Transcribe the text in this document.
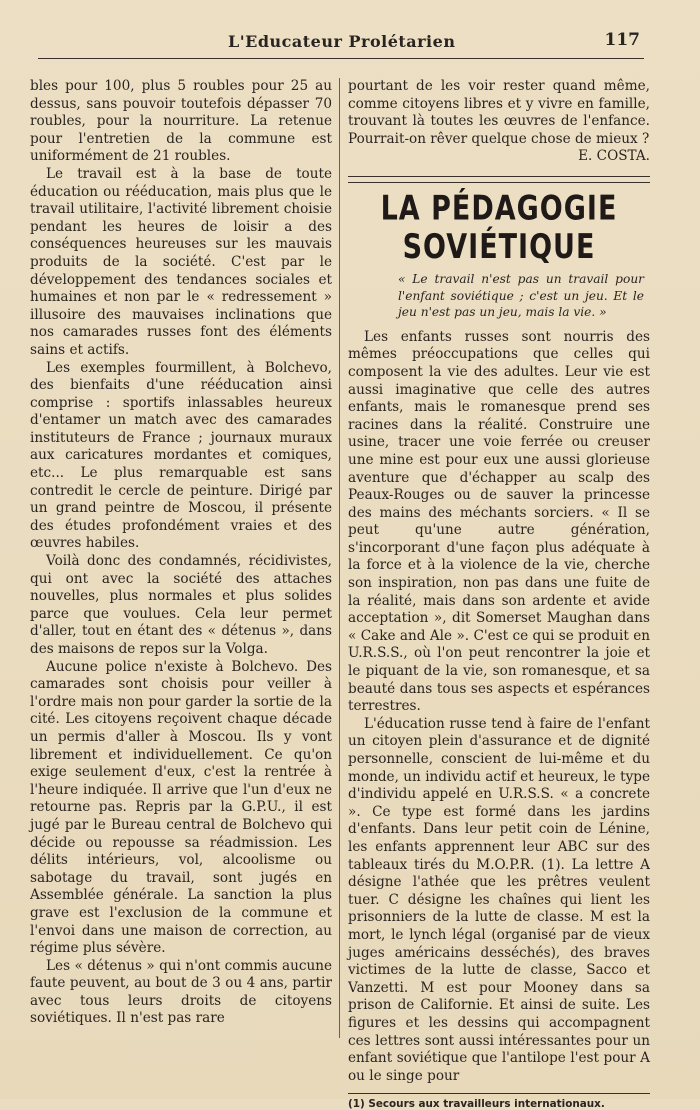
L'Educateur Prolétarien	117

bles pour 100, plus 5 roubles pour 25 au dessus, sans pouvoir toutefois dépasser 70 roubles, pour la nourriture. La retenue pour l'entretien de la commune est uniformément de 21 roubles.

Le travail est à la base de toute éducation ou rééducation, mais plus que le travail utilitaire, l'activité librement choisie pendant les heures de loisir a des conséquences heureuses sur les mauvais produits de la société. C'est par le développement des tendances sociales et humaines et non par le « redressement » illusoire des mauvaises inclinations que nos camarades russes font des éléments sains et actifs.

Les exemples fourmillent, à Bolchevo, des bienfaits d'une rééducation ainsi comprise : sportifs inlassables heureux d'entamer un match avec des camarades instituteurs de France ; journaux muraux aux caricatures mordantes et comiques, etc... Le plus remarquable est sans contredit le cercle de peinture. Dirigé par un grand peintre de Moscou, il présente des études profondément vraies et des œuvres habiles.

Voilà donc des condamnés, récidivistes, qui ont avec la société des attaches nouvelles, plus normales et plus solides parce que voulues. Cela leur permet d'aller, tout en étant des « détenus », dans des maisons de repos sur la Volga.

Aucune police n'existe à Bolchevo. Des camarades sont choisis pour veiller à l'ordre mais non pour garder la sortie de la cité. Les citoyens reçoivent chaque décade un permis d'aller à Moscou. Ils y vont librement et individuellement. Ce qu'on exige seulement d'eux, c'est la rentrée à l'heure indiquée. Il arrive que l'un d'eux ne retourne pas. Repris par la G.P.U., il est jugé par le Bureau central de Bolchevo qui décide ou repousse sa réadmission. Les délits intérieurs, vol, alcoolisme ou sabotage du travail, sont jugés en Assemblée générale. La sanction la plus grave est l'exclusion de la commune et l'envoi dans une maison de correction, au régime plus sévère.

Les « détenus » qui n'ont commis aucune faute peuvent, au bout de 3 ou 4 ans, partir avec tous leurs droits de citoyens soviétiques. Il n'est pas rare

pourtant de les voir rester quand même, comme citoyens libres et y vivre en famille, trouvant là toutes les œuvres de l'enfance. Pourrait-on rêver quelque chose de mieux ?

E. COSTA.
LA PÉDAGOGIE SOVIÉTIQUE

« Le travail n'est pas un travail pour l'enfant soviétique ; c'est un jeu. Et le jeu n'est pas un jeu, mais la vie. »

Les enfants russes sont nourris des mêmes préoccupations que celles qui composent la vie des adultes. Leur vie est aussi imaginative que celle des autres enfants, mais le romanesque prend ses racines dans la réalité. Construire une usine, tracer une voie ferrée ou creuser une mine est pour eux une aussi glorieuse aventure que d'échapper au scalp des Peaux-Rouges ou de sauver la princesse des mains des méchants sorciers. « Il se peut qu'une autre génération, s'incorporant d'une façon plus adéquate à la force et à la violence de la vie, cherche son inspiration, non pas dans une fuite de la réalité, mais dans son ardente et avide acceptation », dit Somerset Maughan dans « Cake and Ale ». C'est ce qui se produit en U.R.S.S., où l'on peut rencontrer la joie et le piquant de la vie, son romanesque, et sa beauté dans tous ses aspects et espérances terrestres.

L'éducation russe tend à faire de l'enfant un citoyen plein d'assurance et de dignité personnelle, conscient de lui-même et du monde, un individu actif et heureux, le type d'individu appelé en U.R.S.S. « a concrete ». Ce type est formé dans les jardins d'enfants. Dans leur petit coin de Lénine, les enfants apprennent leur ABC sur des tableaux tirés du M.O.P.R. (1). La lettre A désigne l'athée que les prêtres veulent tuer. C désigne les chaînes qui lient les prisonniers de la lutte de classe. M est la mort, le lynch légal (organisé par de vieux juges américains desséchés), des braves victimes de la lutte de classe, Sacco et Vanzetti. M est pour Mooney dans sa prison de Californie. Et ainsi de suite. Les figures et les dessins qui accompagnent ces lettres sont aussi intéressantes pour un enfant soviétique que l'antilope l'est pour A ou le singe pour

(1) Secours aux travailleurs internationaux.
